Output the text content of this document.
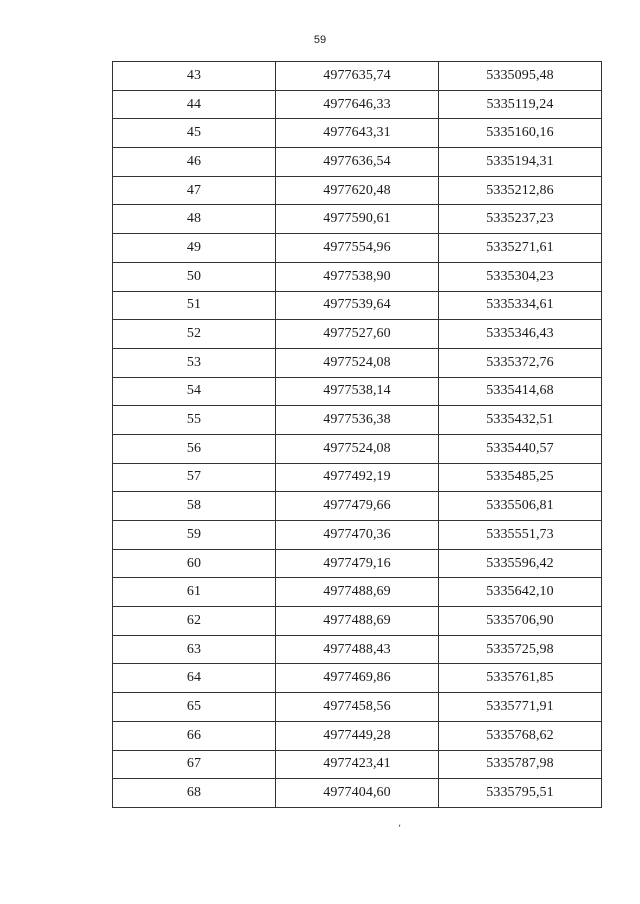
59
43	4977635,74	5335095,48
44	4977646,33	5335119,24
45	4977643,31	5335160,16
46	4977636,54	5335194,31
47	4977620,48	5335212,86
48	4977590,61	5335237,23
49	4977554,96	5335271,61
50	4977538,90	5335304,23
51	4977539,64	5335334,61
52	4977527,60	5335346,43
53	4977524,08	5335372,76
54	4977538,14	5335414,68
55	4977536,38	5335432,51
56	4977524,08	5335440,57
57	4977492,19	5335485,25
58	4977479,66	5335506,81
59	4977470,36	5335551,73
60	4977479,16	5335596,42
61	4977488,69	5335642,10
62	4977488,69	5335706,90
63	4977488,43	5335725,98
64	4977469,86	5335761,85
65	4977458,56	5335771,91
66	4977449,28	5335768,62
67	4977423,41	5335787,98
68	4977404,60	5335795,51
,
